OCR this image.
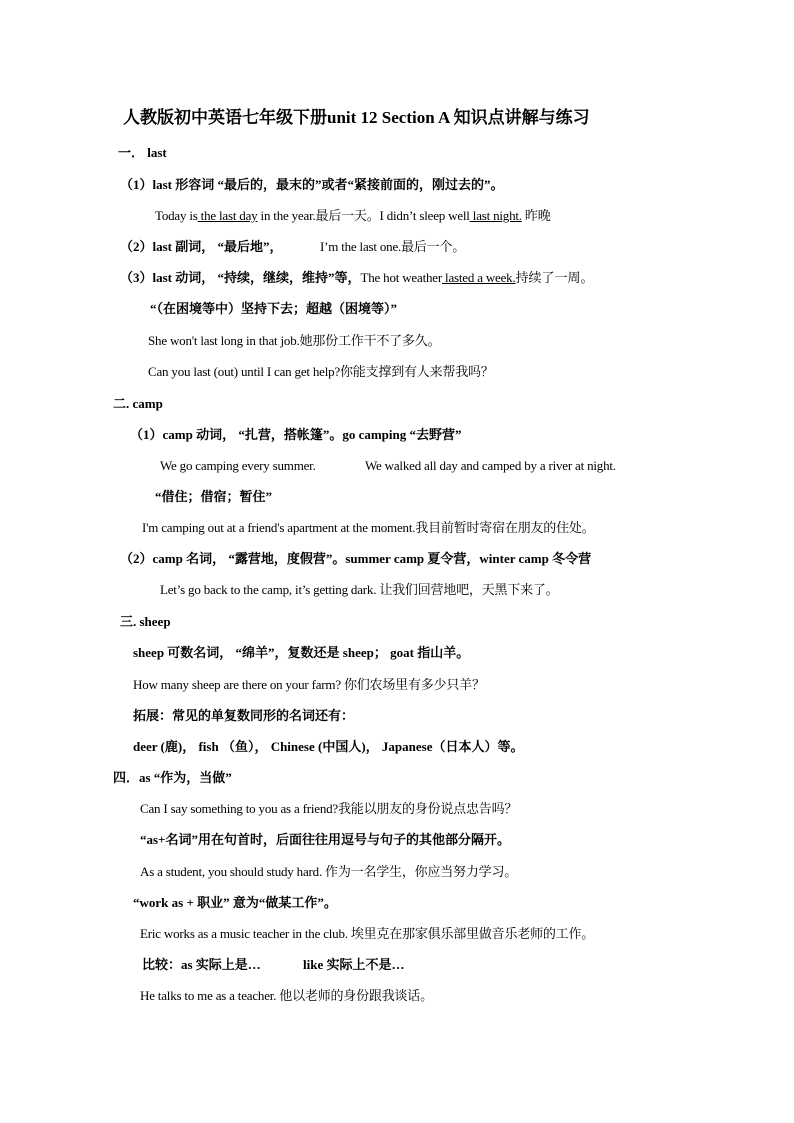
人教版初中英语七年级下册unit 12 Section A 知识点讲解与练习
一． last
（1）last 形容词 “最后的，最末的”或者“紧接前面的，刚过去的”。
Today is the last day in the year.最后一天。I didn’t sleep well last night. 昨晚
（2）last 副词， “最后地”，	I’m the last one.最后一个。
（3）last 动词， “持续，继续，维持”等，The hot weather lasted a week.持续了一周。
“（在困境等中）坚持下去；超越（困境等）”
She won't last long in that job.她那份工作干不了多久。
Can you last (out) until I can get help?你能支撑到有人来帮我吗？
二. camp
（1）camp 动词， “扎营，搭帐篷”。go camping “去野营”
We go camping every summer.	We walked all day and camped by a river at night.
“借住；借宿；暂住”
I'm camping out at a friend's apartment at the moment.我目前暂时寄宿在朋友的住处。
（2）camp 名词， “露营地，度假营”。summer camp 夏令营，winter camp 冬令营
Let’s go back to the camp, it’s getting dark. 让我们回营地吧，天黑下来了。
三. sheep
sheep 可数名词， “绵羊”，复数还是 sheep； goat 指山羊。
How many sheep are there on your farm? 你们农场里有多少只羊？
拓展：常见的单复数同形的名词还有：
deer (鹿)， fish （鱼）， Chinese (中国人)， Japanese（日本人）等。
四．as “作为，当做”
Can I say something to you as a friend?我能以朋友的身份说点忠告吗？
“as+名词”用在句首时，后面往往用逗号与句子的其他部分隔开。
As a student, you should study hard. 作为一名学生，你应当努力学习。
“work as + 职业” 意为“做某工作”。
Eric works as a music teacher in the club. 埃里克在那家俱乐部里做音乐老师的工作。
比较：as 实际上是…	like 实际上不是…
He talks to me as a teacher. 他以老师的身份跟我谈话。
